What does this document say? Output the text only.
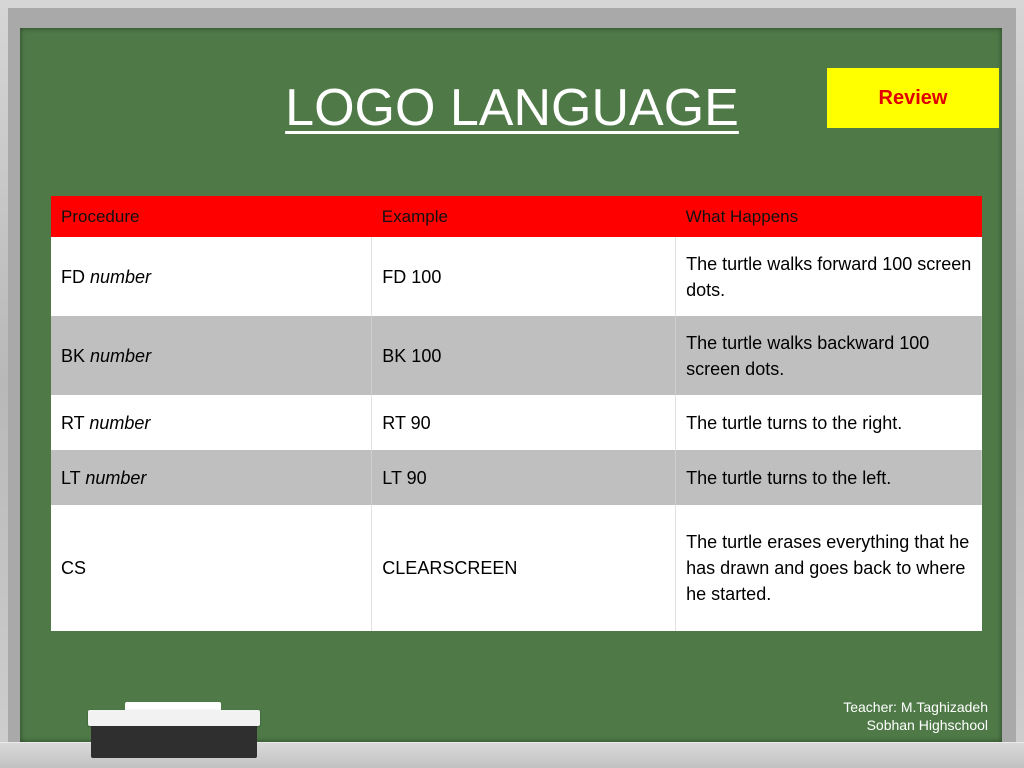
LOGO LANGUAGE	Review
Procedure	Example	What Happens
FD number	FD 100	The turtle walks forward 100 screen dots.
BK number	BK 100	The turtle walks backward 100 screen dots.
RT number	RT 90	The turtle turns to the right.
LT number	LT 90	The turtle turns to the left.
CS	CLEARSCREEN	The turtle erases everything that he has drawn and goes back to where he started.
Teacher: M.Taghizadeh
Sobhan Highschool
